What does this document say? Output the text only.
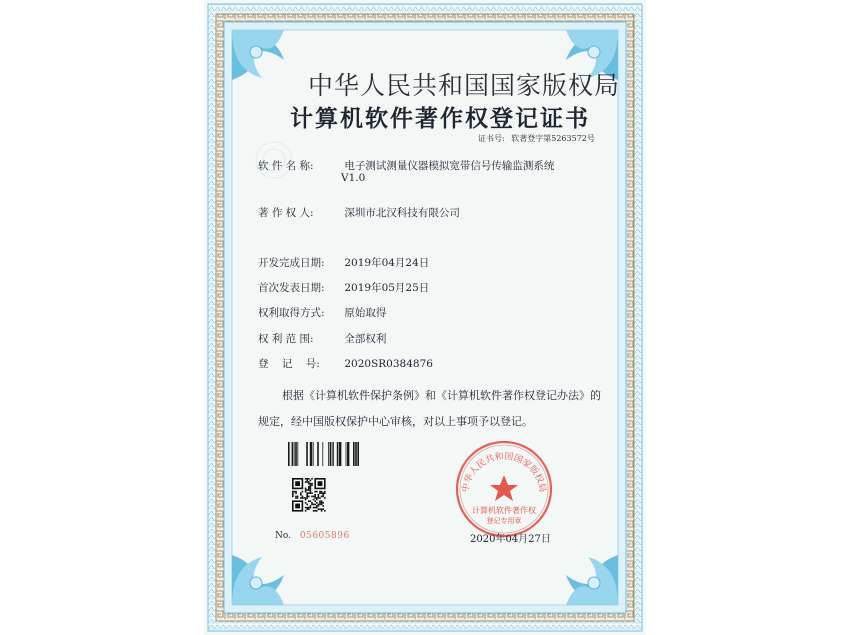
中华人民共和国国家版权局
计算机软件著作权
登记专用章
中华人民共和国国家版权局
计算机软件著作权登记证书
证书号: 软著登字第5263572号
软 件 名 称:	电子测试测量仪器模拟宽带信号传输监测系统
V1.0
著 作 权 人:	深圳市北汉科技有限公司
开发完成日期: 2019年04月24日
首次发表日期: 2019年05月25日
权利取得方式: 原始取得
权 利 范 围:	全部权利
登    记    号: 2020SR0384876
根据《计算机软件保护条例》和《计算机软件著作权登记办法》的
规定，经中国版权保护中心审核，对以上事项予以登记。
No. 05605896	2020年04月27日
